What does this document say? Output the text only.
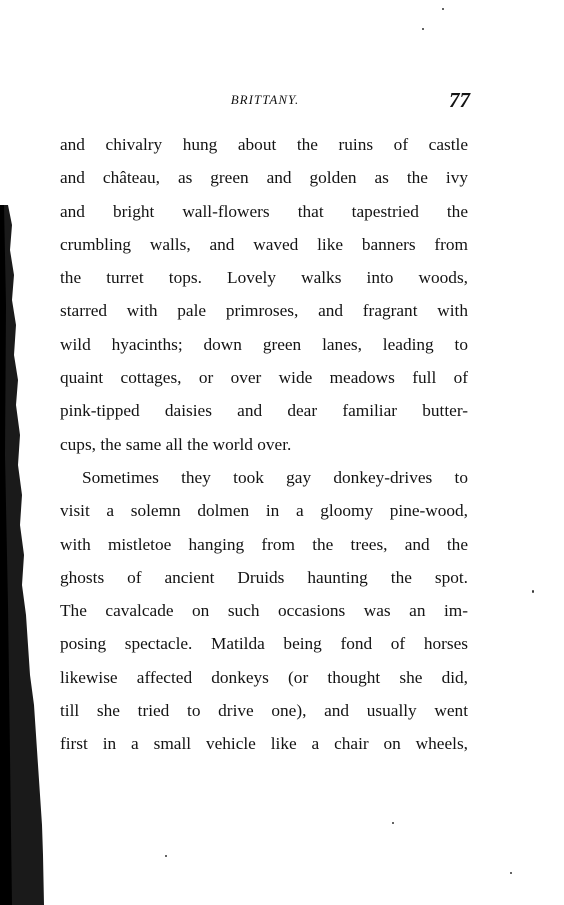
BRITTANY.	77
and chivalry hung about the ruins of castle
and château, as green and golden as the ivy
and bright wall-flowers that tapestried the
crumbling walls, and waved like banners from
the turret tops. Lovely walks into woods,
starred with pale primroses, and fragrant with
wild hyacinths; down green lanes, leading to
quaint cottages, or over wide meadows full of
pink-tipped daisies and dear familiar butter-
cups, the same all the world over.
Sometimes they took gay donkey-drives to
visit a solemn dolmen in a gloomy pine-wood,
with mistletoe hanging from the trees, and the
ghosts of ancient Druids haunting the spot.
The cavalcade on such occasions was an im-
posing spectacle. Matilda being fond of horses
likewise affected donkeys (or thought she did,
till she tried to drive one), and usually went
first in a small vehicle like a chair on wheels,
